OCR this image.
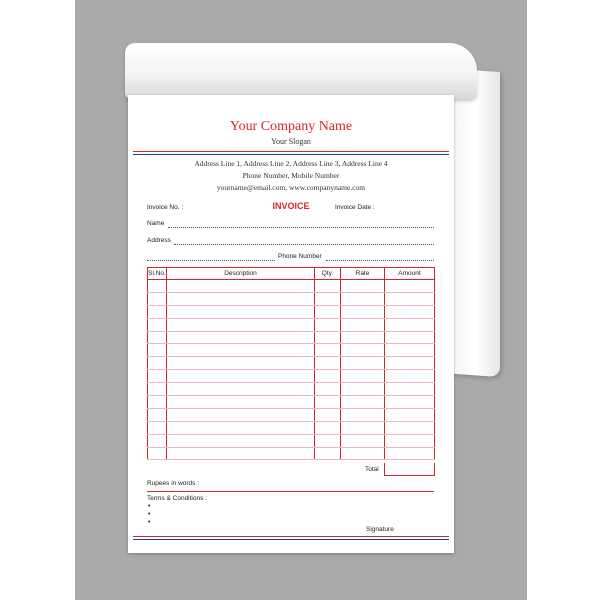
Your Company Name
Your Slogan
Address Line 1, Address Line 2, Address Line 3, Address Line 4
Phone Number, Mobile Number
yourname@email.com, www.companyname.com
Invoice No. :	INVOICE	Invoice Date :
Name
Address
Phone Number
Sl.No.	Description	Qty.	Rate	Amount

Total
Rupees in words :
Terms & Conditions :
•
•
•
Signature
